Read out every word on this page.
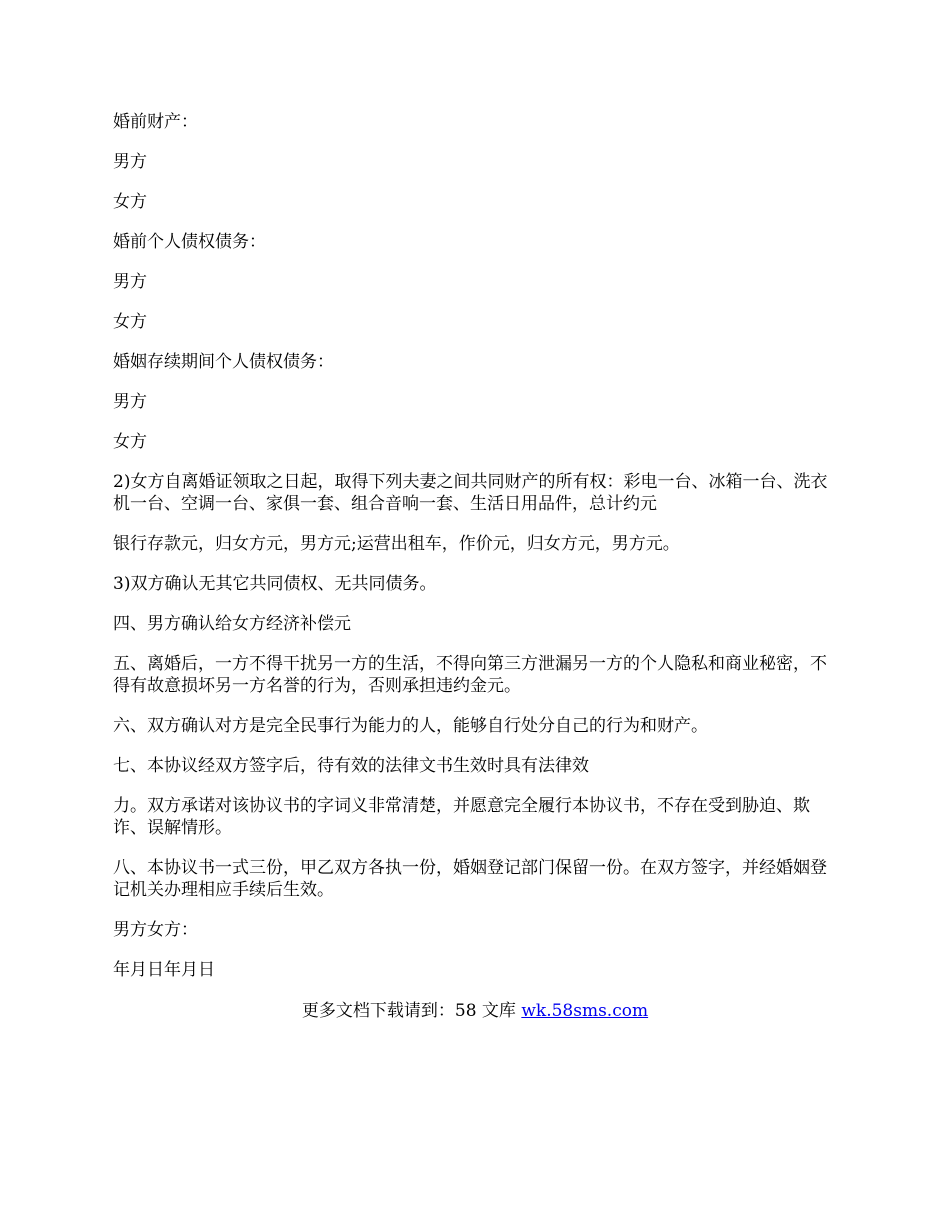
婚前财产：

男方

女方

婚前个人债权债务：

男方

女方

婚姻存续期间个人债权债务：

男方

女方

2)女方自离婚证领取之日起，取得下列夫妻之间共同财产的所有权：彩电一台、冰箱一台、洗衣机一台、空调一台、家俱一套、组合音响一套、生活日用品件，总计约元

银行存款元，归女方元，男方元;运营出租车，作价元，归女方元，男方元。

3)双方确认无其它共同债权、无共同债务。

四、男方确认给女方经济补偿元

五、离婚后，一方不得干扰另一方的生活，不得向第三方泄漏另一方的个人隐私和商业秘密，不得有故意损坏另一方名誉的行为，否则承担违约金元。

六、双方确认对方是完全民事行为能力的人，能够自行处分自己的行为和财产。

七、本协议经双方签字后，待有效的法律文书生效时具有法律效

力。双方承诺对该协议书的字词义非常清楚，并愿意完全履行本协议书，不存在受到胁迫、欺诈、误解情形。

八、本协议书一式三份，甲乙双方各执一份，婚姻登记部门保留一份。在双方签字，并经婚姻登记机关办理相应手续后生效。

男方女方：

年月日年月日

更多文档下载请到：58 文库 wk.58sms.com
